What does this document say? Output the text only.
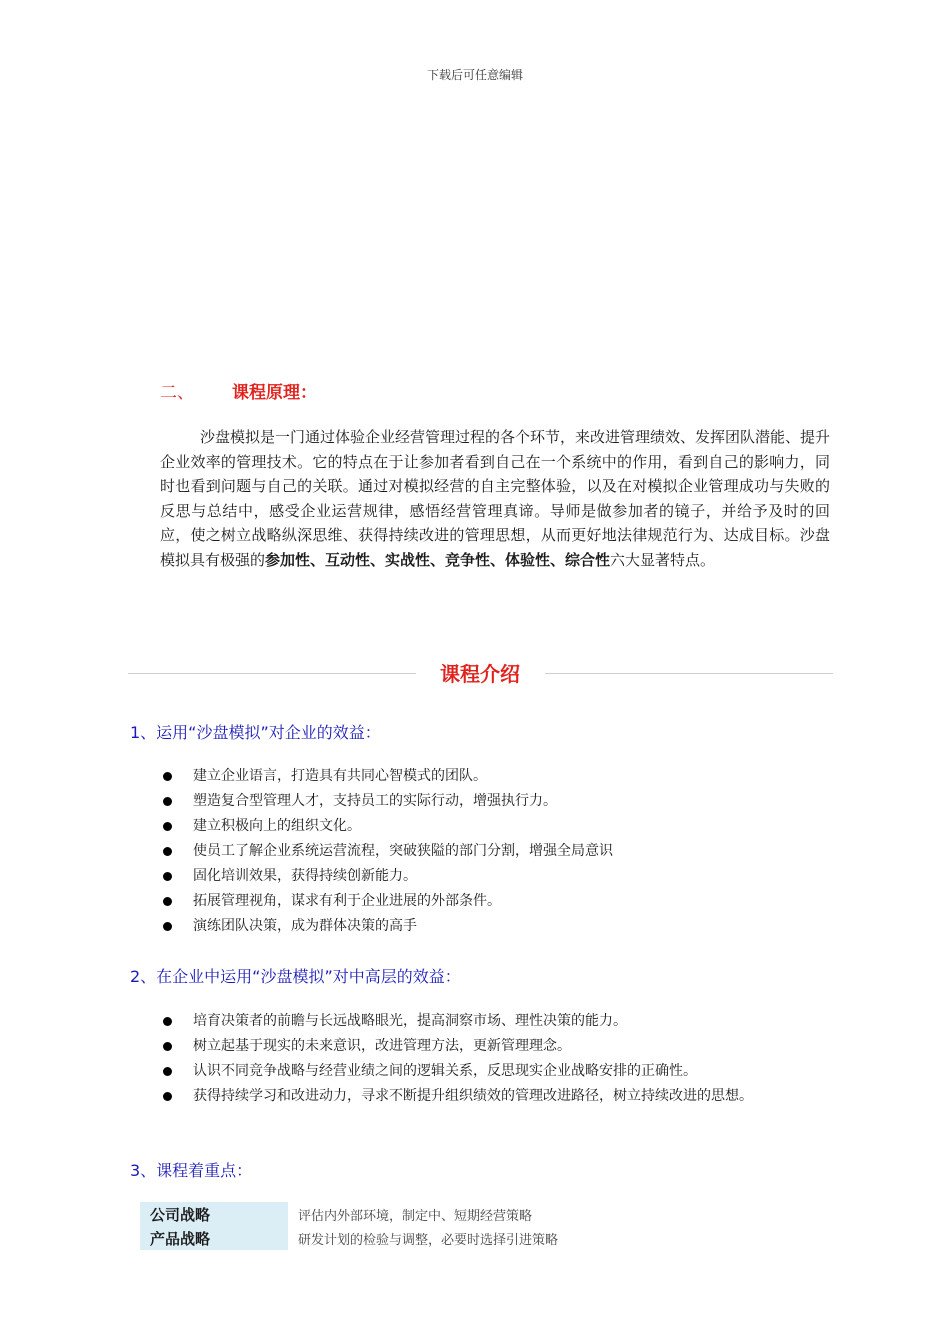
下载后可任意编辑
二、 课程原理：
沙盘模拟是一门通过体验企业经营管理过程的各个环节，来改进管理绩效、发挥团队潜能、提升企业效率的管理技术。它的特点在于让参加者看到自己在一个系统中的作用，看到自己的影响力，同时也看到问题与自己的关联。通过对模拟经营的自主完整体验，以及在对模拟企业管理成功与失败的反思与总结中，感受企业运营规律，感悟经营管理真谛。导师是做参加者的镜子，并给予及时的回应，使之树立战略纵深思维、获得持续改进的管理思想，从而更好地法律规范行为、达成目标。沙盘模拟具有极强的参加性、互动性、实战性、竞争性、体验性、综合性六大显著特点。
课程介绍
1、运用“沙盘模拟”对企业的效益：
建立企业语言，打造具有共同心智模式的团队。
塑造复合型管理人才，支持员工的实际行动，增强执行力。
建立积极向上的组织文化。
使员工了解企业系统运营流程，突破狭隘的部门分割，增强全局意识
固化培训效果，获得持续创新能力。
拓展管理视角，谋求有利于企业进展的外部条件。
演练团队决策，成为群体决策的高手
2、在企业中运用“沙盘模拟”对中高层的效益：
培育决策者的前瞻与长远战略眼光，提高洞察市场、理性决策的能力。
树立起基于现实的未来意识，改进管理方法，更新管理理念。
认识不同竞争战略与经营业绩之间的逻辑关系，反思现实企业战略安排的正确性。
获得持续学习和改进动力，寻求不断提升组织绩效的管理改进路径，树立持续改进的思想。
3、课程着重点：
公司战略	评估内外部环境，制定中、短期经营策略
产品战略	研发计划的检验与调整，必要时选择引进策略
